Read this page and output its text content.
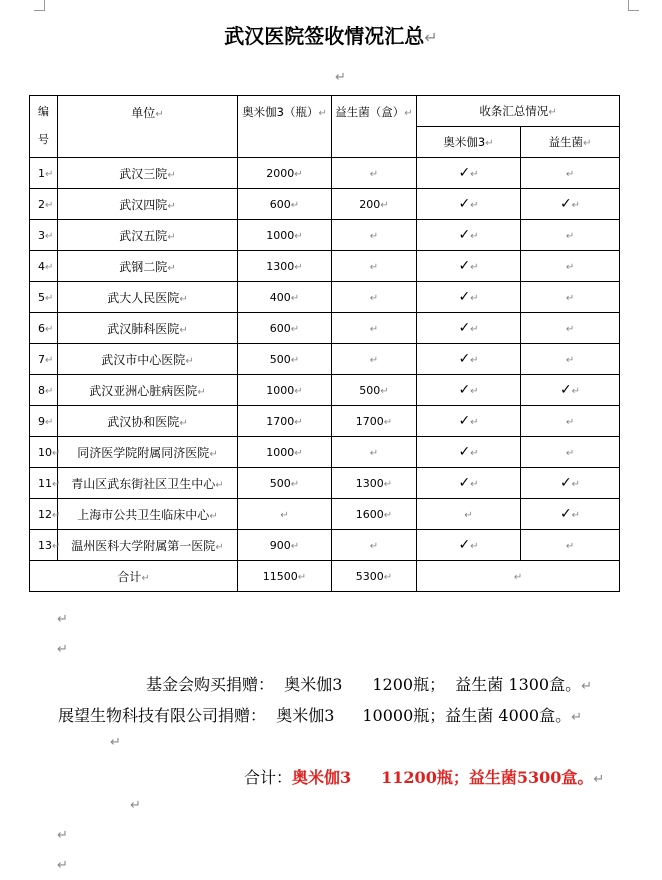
武汉医院签收情况汇总↵
↵
编号	单位↵	奥米伽3（瓶）↵	益生菌（盒）↵	收条汇总情况↵	
				奥米伽3↵	益生菌↵
1↵	武汉三院↵	2000↵	↵	✓↵	↵
2↵	武汉四院↵	600↵	200↵	✓↵	✓↵
3↵	武汉五院↵	1000↵	↵	✓↵	↵
4↵	武钢二院↵	1300↵	↵	✓↵	↵
5↵	武大人民医院↵	400↵	↵	✓↵	↵
6↵	武汉肺科医院↵	600↵	↵	✓↵	↵
7↵	武汉市中心医院↵	500↵	↵	✓↵	↵
8↵	武汉亚洲心脏病医院↵	1000↵	500↵	✓↵	✓↵
9↵	武汉协和医院↵	1700↵	1700↵	✓↵	↵
10↵	同济医学院附属同济医院↵	1000↵	↵	✓↵	↵
11↵	青山区武东街社区卫生中心↵	500↵	1300↵	✓↵	✓↵
12↵	上海市公共卫生临床中心↵	↵	1600↵	↵	✓↵
13↵	温州医科大学附属第一医院↵	900↵	↵	✓↵	↵
合计↵		11500↵	5300↵	↵	
↵
↵
基金会购买捐赠： 奥米伽3 1200瓶； 益生菌 1300盒。↵
展望生物科技有限公司捐赠： 奥米伽3 10000瓶；益生菌 4000盒。↵
↵
合计：奥米伽3 11200瓶；益生菌5300盒。↵
↵
↵
↵
